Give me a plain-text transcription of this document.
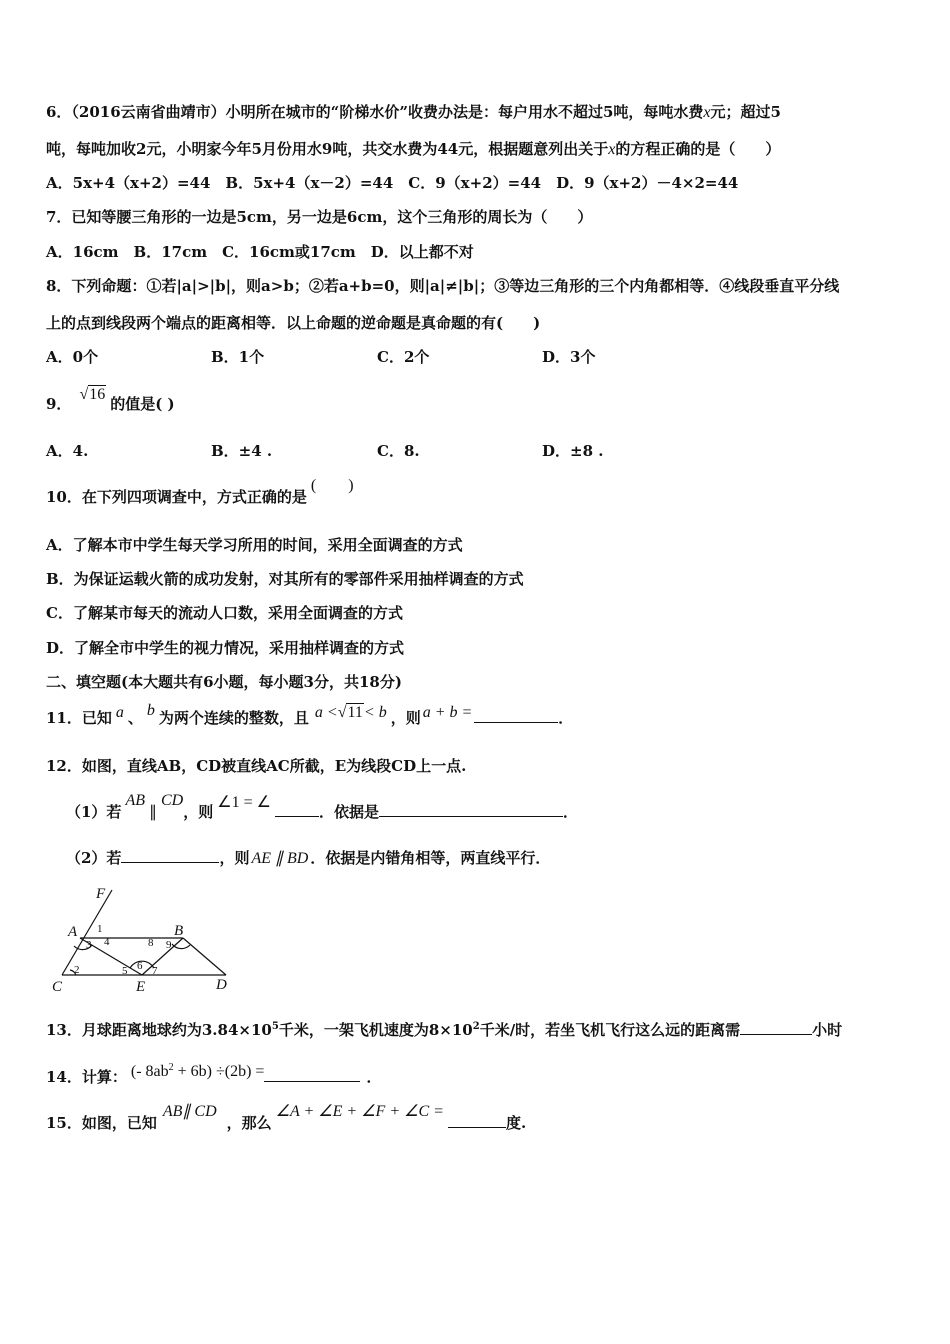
6．（2016云南省曲靖市）小明所在城市的“阶梯水价”收费办法是：每户用水不超过5吨，每吨水费x元；超过5
吨，每吨加收2元，小明家今年5月份用水9吨，共交水费为44元，根据题意列出关于x的方程正确的是（　　）
A．5x+4（x+2）=44　B．5x+4（x－2）=44　C．9（x+2）=44　D．9（x+2）－4×2=44
7．已知等腰三角形的一边是5cm，另一边是6cm，这个三角形的周长为（　　）
A．16cm　B．17cm　C．16cm或17cm　D．以上都不对
8．下列命题：①若|a|>|b|，则a>b；②若a+b=0，则|a|≠|b|；③等边三角形的三个内角都相等．④线段垂直平分线
上的点到线段两个端点的距离相等．以上命题的逆命题是真命题的有(　　)
A．0个	B．1个	C．2个	D．3个
9．√16的值是( )
A．4.	B．±4 .	C．8.	D．±8 .
10．在下列四项调查中，方式正确的是(　　)
A．了解本市中学生每天学习所用的时间，采用全面调查的方式
B．为保证运载火箭的成功发射，对其所有的零部件采用抽样调查的方式
C．了解某市每天的流动人口数，采用全面调查的方式
D．了解全市中学生的视力情况，采用抽样调查的方式
二、填空题(本大题共有6小题，每小题3分，共18分)
11．已知 a 、 b 为两个连续的整数，且 a <√11< b ，则 a + b =	．
12．如图，直线AB，CD被直线AC所截，E为线段CD上一点.
（1）若AB∥CD，则∠1 = ∠．依据是	．
（2）若	，则 AE ∥ BD ．依据是内错角相等，两直线平行．
F
A	B
C	E	D
1
3 4	8 9
2	5 6 7
13．月球距离地球约为$3.84\times 10^5$千米，一架飞机速度为$8\times 10^2$千米/时，若坐飞机飞行这么远的距离需	小时
14．计算： (- $8ab^2 + 6b) \div(2b)$ =	．
15．如图，已知AB∥ CD，那么∠A + ∠E + ∠F + ∠C =度.
